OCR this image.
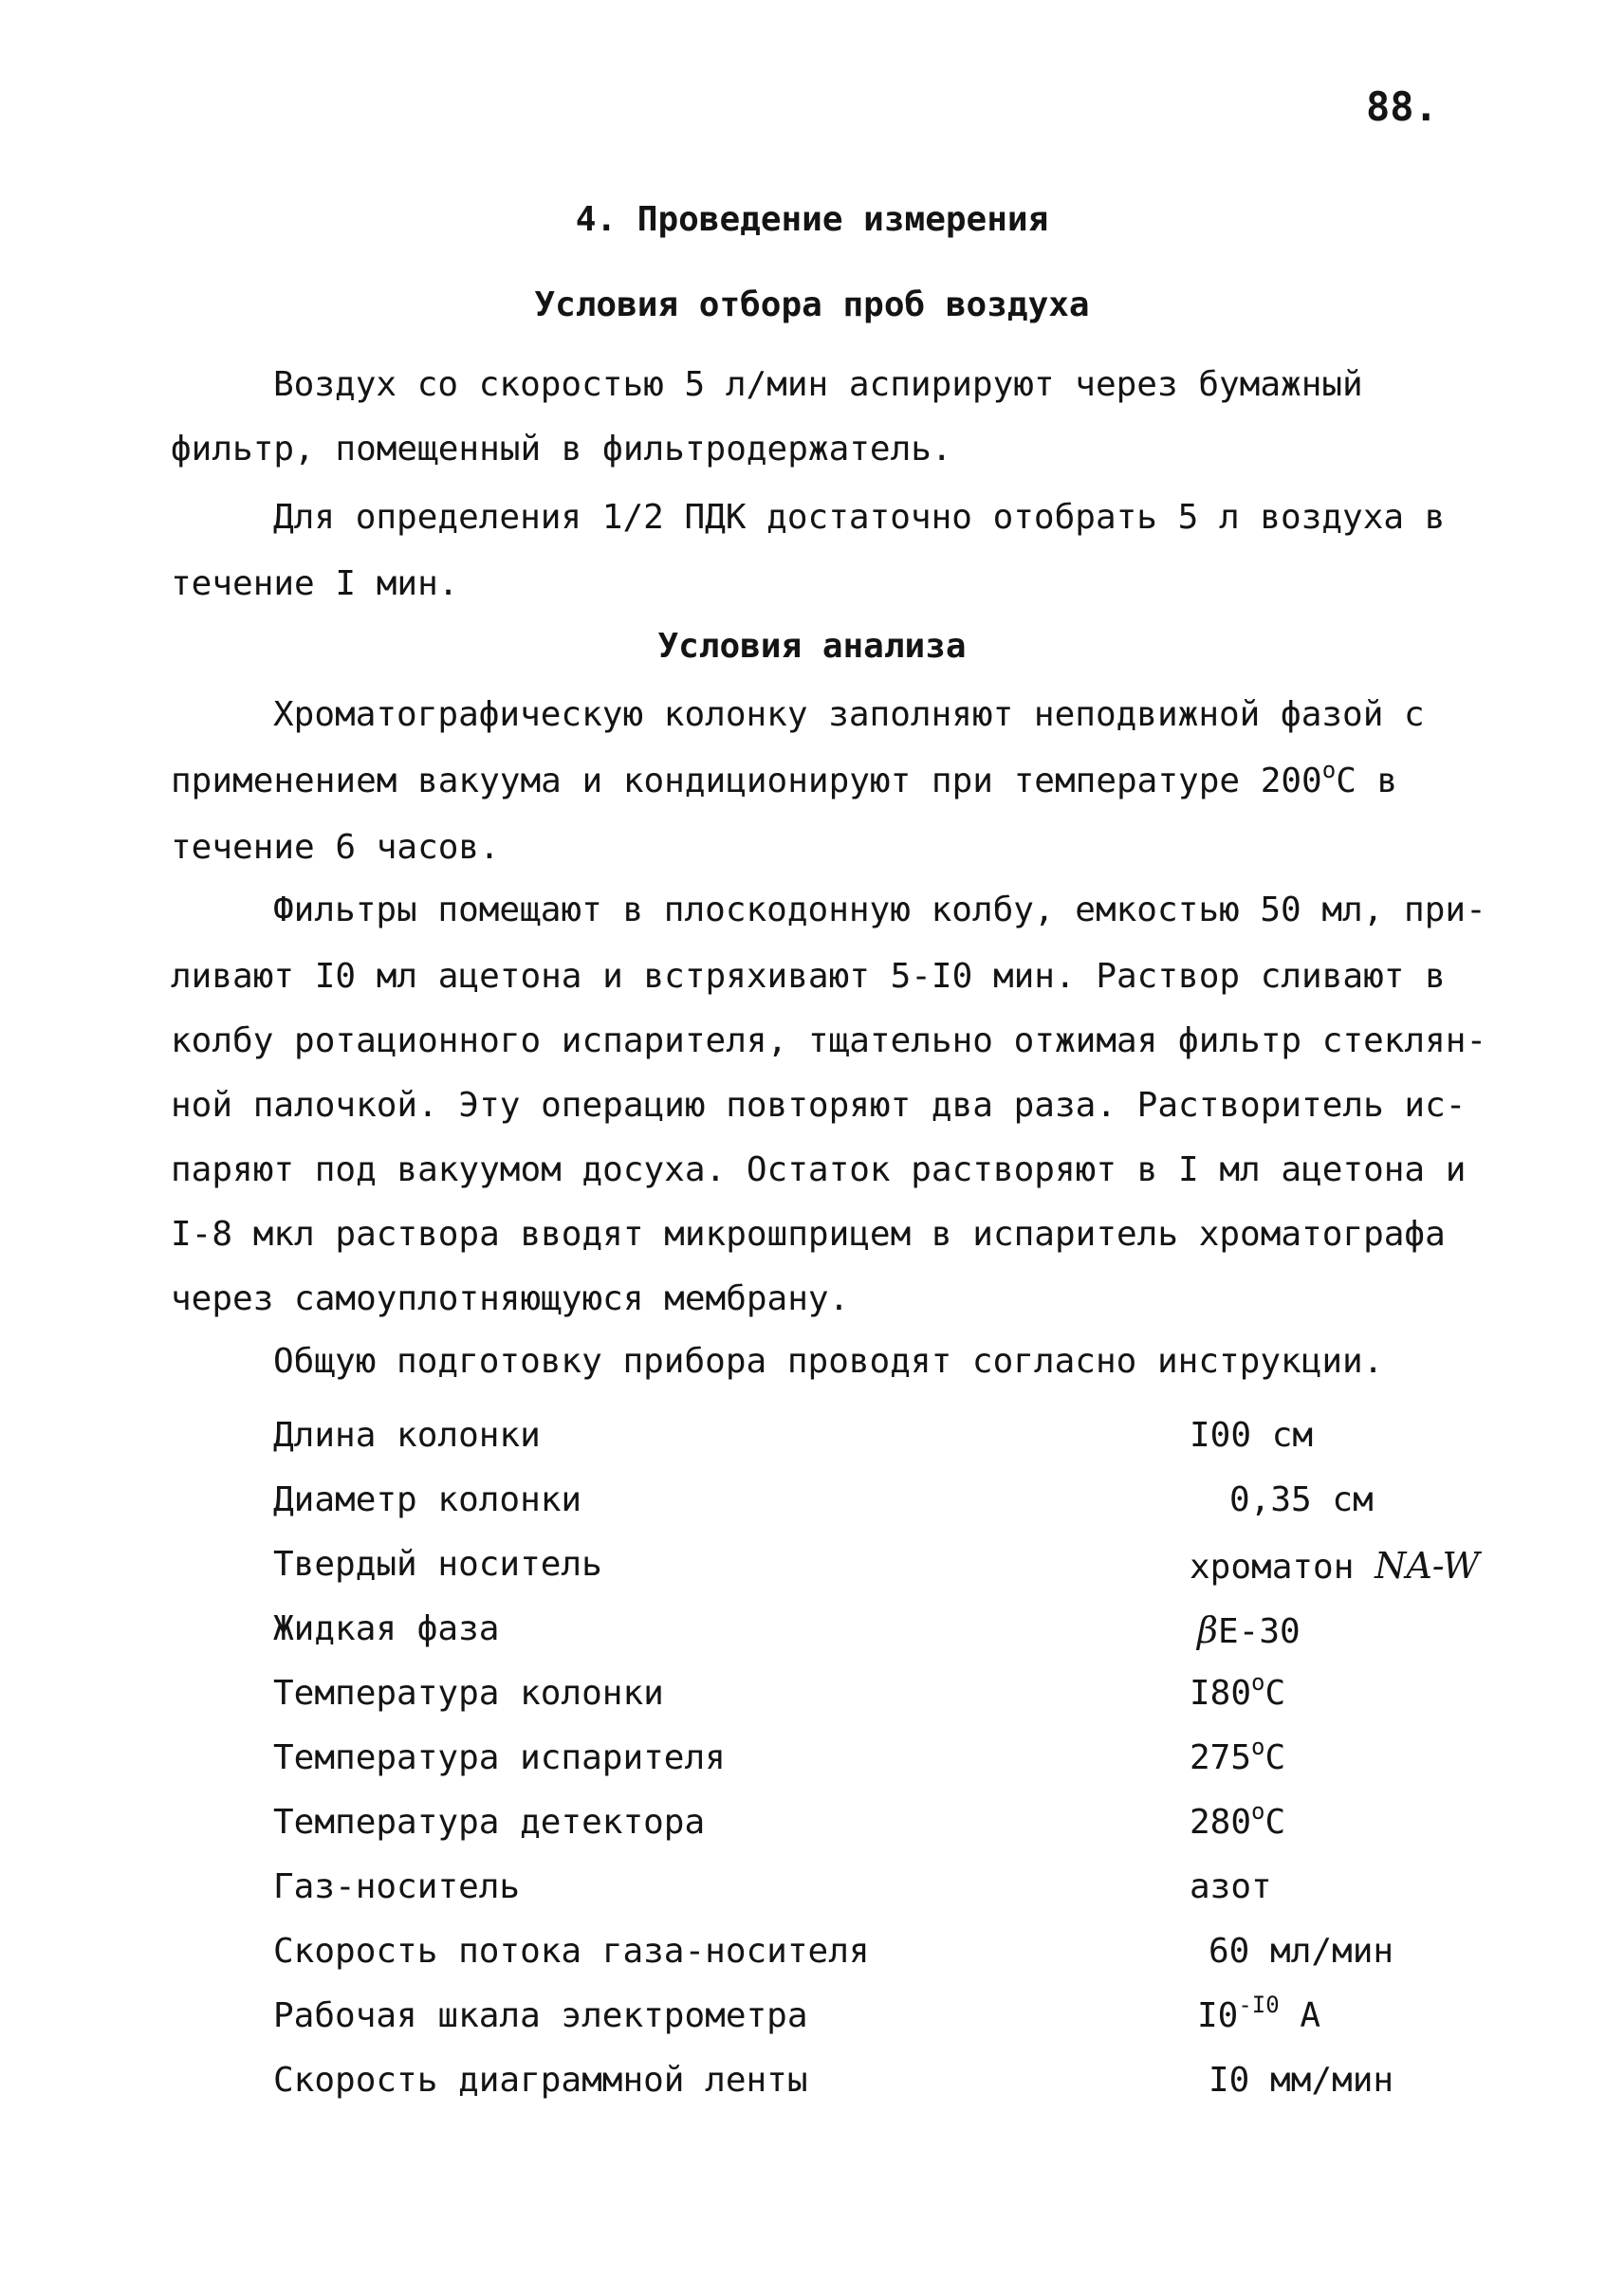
88.
4. Проведение измерения
Условия отбора проб воздуха
Воздух со скоростью 5 л/мин аспирируют через бумажный
фильтр, помещенный в фильтродержатель.
Для определения 1/2 ПДК достаточно отобрать 5 л воздуха в
течение I мин.
Условия анализа
Хроматографическую колонку заполняют неподвижной фазой с
применением вакуума и кондиционируют при температуре $200^оС$ в
течение 6 часов.
Фильтры помещают в плоскодонную колбу, емкостью 50 мл, при-
ливают I0 мл ацетона и встряхивают 5-I0 мин. Раствор сливают в
колбу ротационного испарителя, тщательно отжимая фильтр стеклян-
ной палочкой. Эту операцию повторяют два раза. Растворитель ис-
паряют под вакуумом досуха. Остаток растворяют в I мл ацетона и
I-8 мкл раствора вводят микрошприцем в испаритель хроматографа
через самоуплотняющуюся мембрану.
Общую подготовку прибора проводят согласно инструкции.
Длина колонки	I00 см
Диаметр колонки	0,35 см
Твердый носитель	хроматон NA-W
Жидкая фаза	βE-30
Температура колонки	$I80^оС$
Температура испарителя	$275^оС$
Температура детектора	$280^оС$
Газ-носитель	азот
Скорость потока газа-носителя	60 мл/мин
Рабочая шкала электрометра	$I0^{-I0}$ А
Скорость диаграммной ленты	I0 мм/мин
